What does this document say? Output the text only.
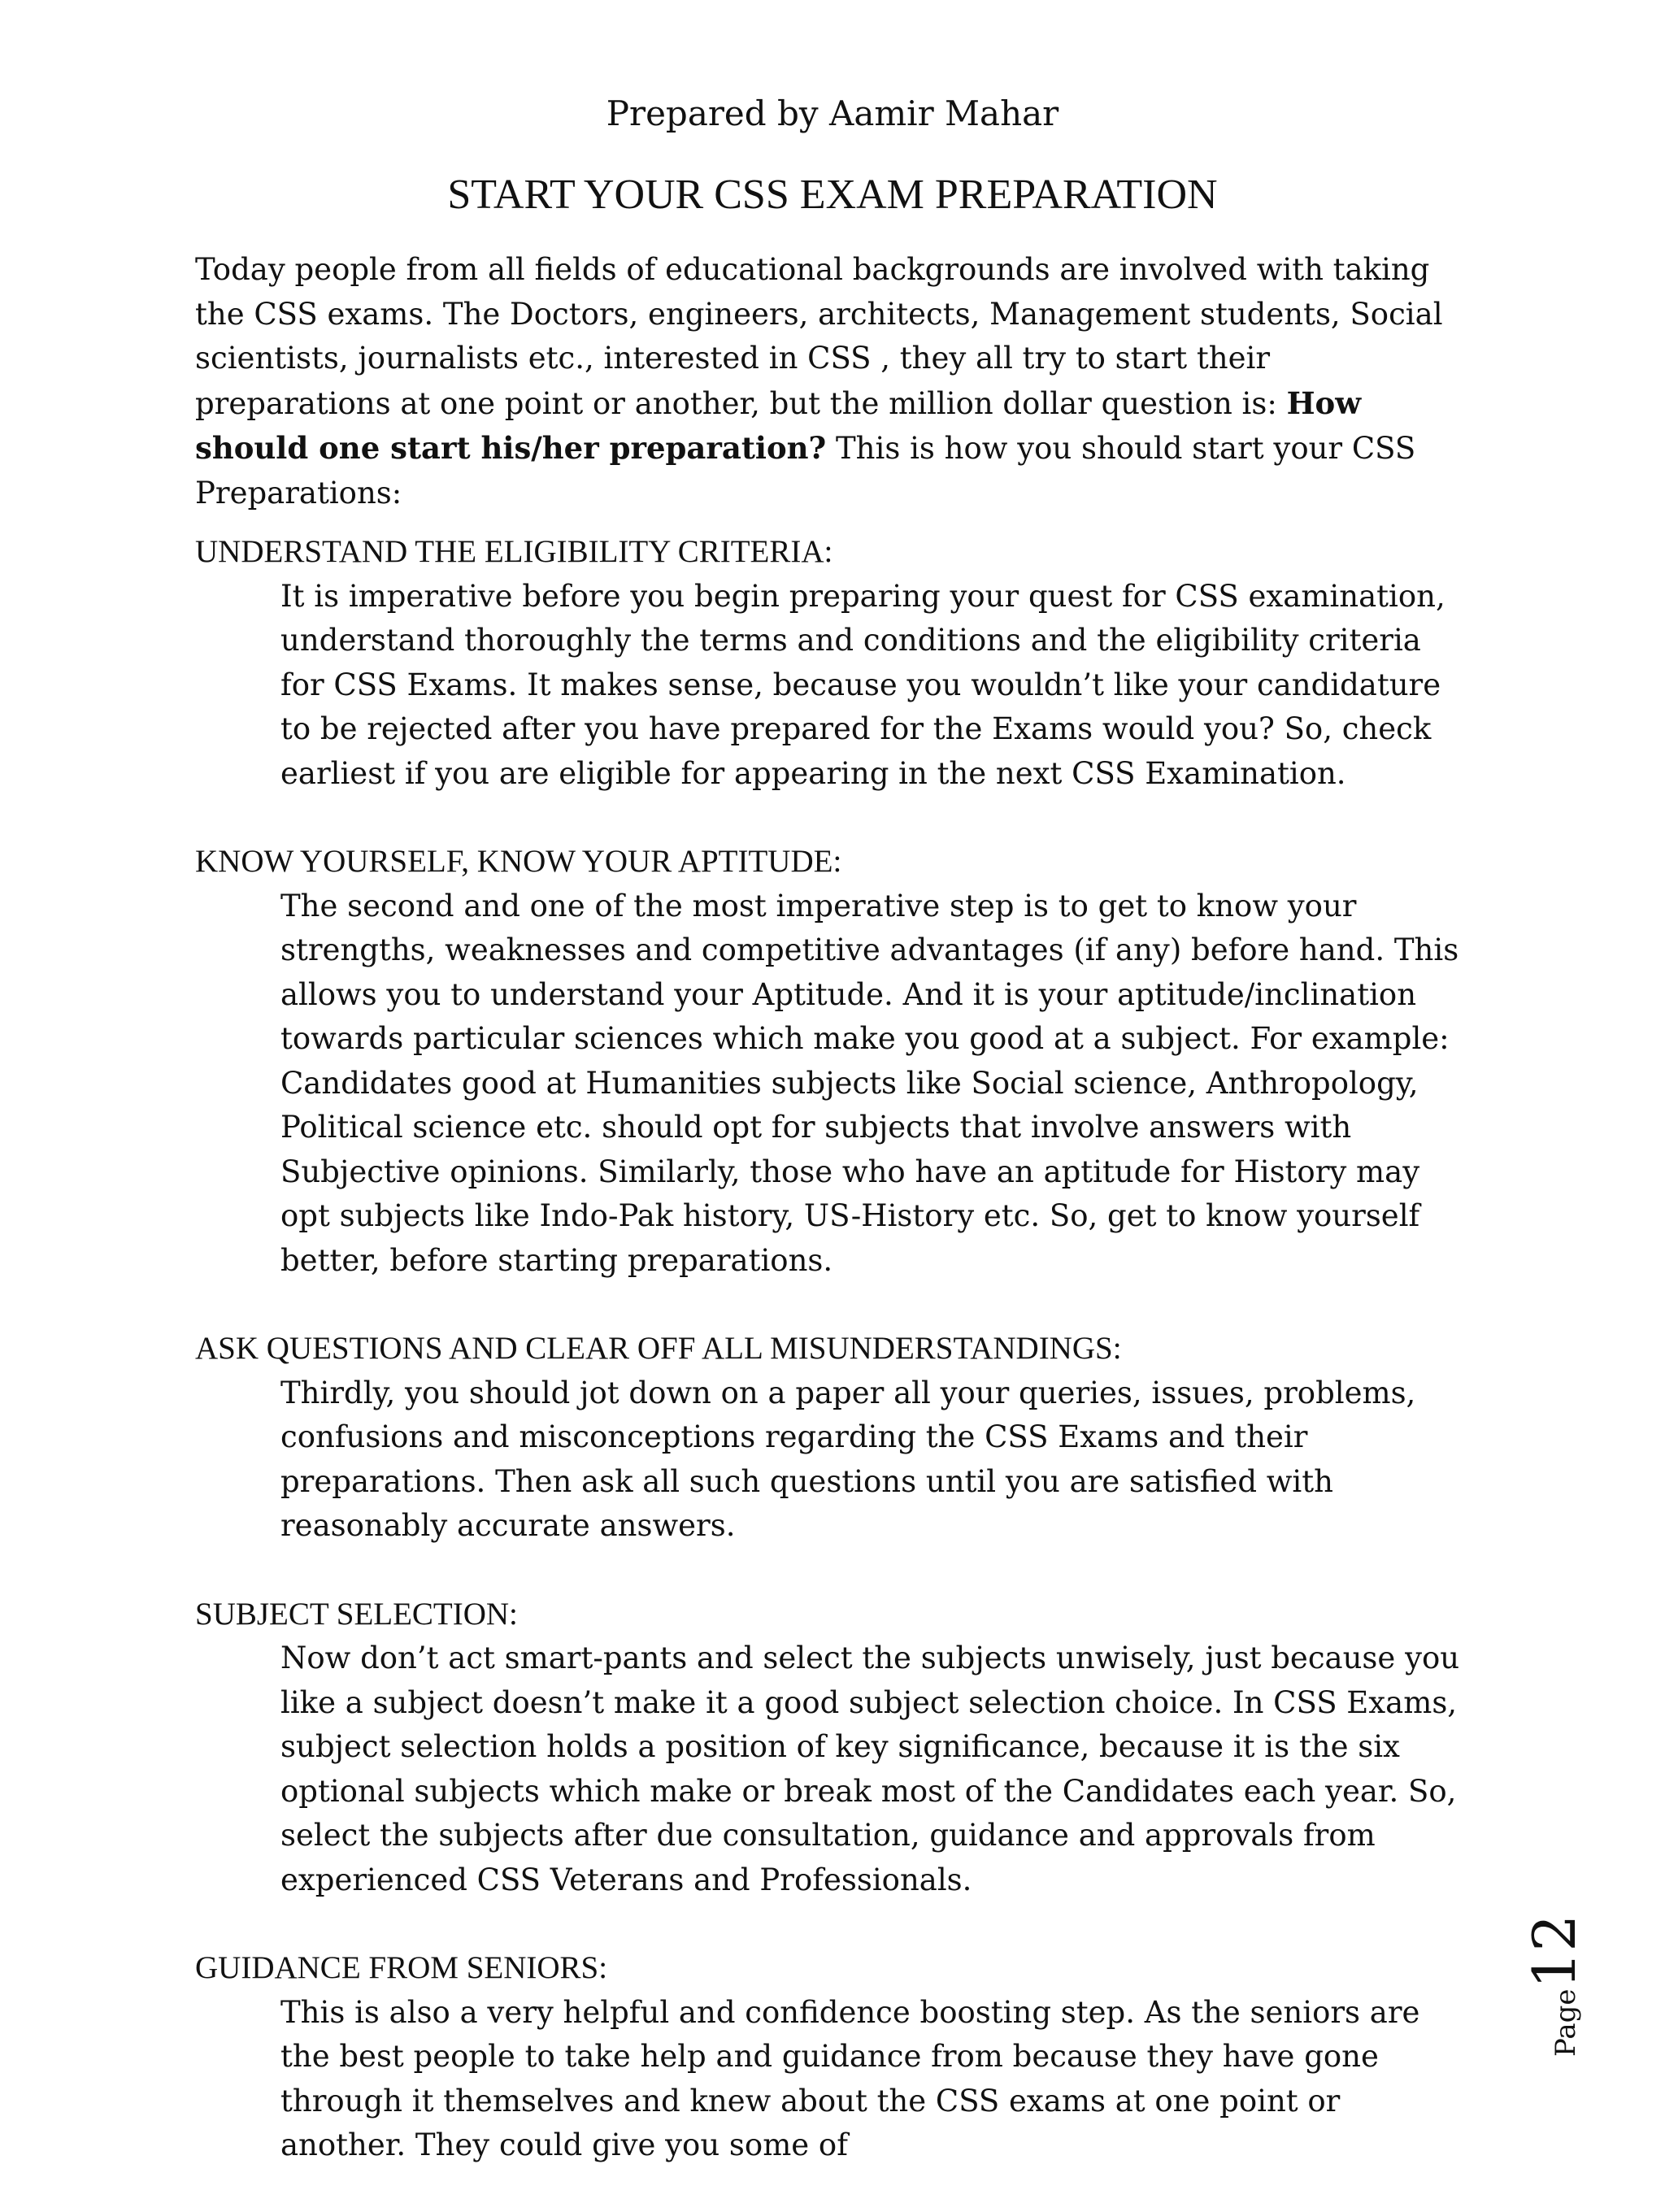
Prepared by Aamir Mahar
START YOUR CSS EXAM PREPARATION

Today people from all fields of educational backgrounds are involved with taking the CSS exams. The Doctors, engineers, architects, Management students, Social scientists, journalists etc., interested in CSS , they all try to start their preparations at one point or another, but the million dollar question is: How should one start his/her preparation? This is how you should start your CSS Preparations:

UNDERSTAND THE ELIGIBILITY CRITERIA:

It is imperative before you begin preparing your quest for CSS examination, understand thoroughly the terms and conditions and the eligibility criteria for CSS Exams. It makes sense, because you wouldn’t like your candidature to be rejected after you have prepared for the Exams would you? So, check earliest if you are eligible for appearing in the next CSS Examination.

KNOW YOURSELF, KNOW YOUR APTITUDE:

The second and one of the most imperative step is to get to know your strengths, weaknesses and competitive advantages (if any) before hand. This allows you to understand your Aptitude. And it is your aptitude/inclination towards particular sciences which make you good at a subject. For example: Candidates good at Humanities subjects like Social science, Anthropology, Political science etc. should opt for subjects that involve answers with Subjective opinions. Similarly, those who have an aptitude for History may opt subjects like Indo-Pak history, US-History etc. So, get to know yourself better, before starting preparations.

ASK QUESTIONS AND CLEAR OFF ALL MISUNDERSTANDINGS:

Thirdly, you should jot down on a paper all your queries, issues, problems, confusions and misconceptions regarding the CSS Exams and their preparations. Then ask all such questions until you are satisfied with reasonably accurate answers.

SUBJECT SELECTION:

Now don’t act smart-pants and select the subjects unwisely, just because you like a subject doesn’t make it a good subject selection choice. In CSS Exams, subject selection holds a position of key significance, because it is the six optional subjects which make or break most of the Candidates each year. So, select the subjects after due consultation, guidance and approvals from experienced CSS Veterans and Professionals.

GUIDANCE FROM SENIORS:

This is also a very helpful and confidence boosting step. As the seniors are the best people to take help and guidance from because they have gone through it themselves and knew about the CSS exams at one point or another. They could give you some of

Page12
